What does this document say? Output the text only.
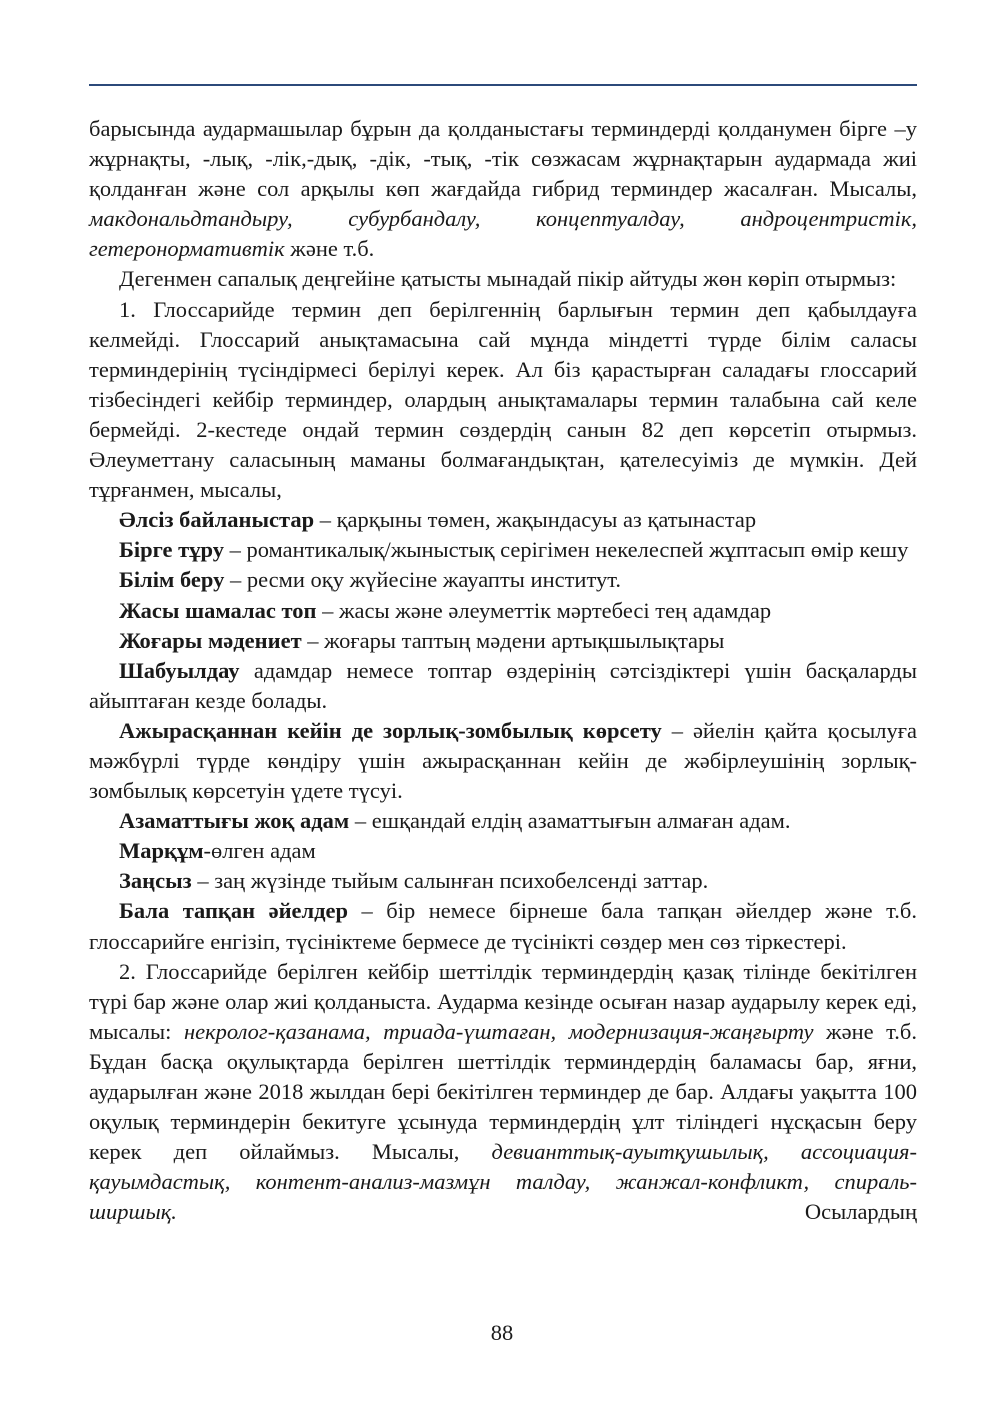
барысында аудармашылар бұрын да қолданыстағы терминдерді қолданумен бірге –у жұрнақты, -лық, -лік,-дық, -дік, -тық, -тік сөзжасам жұрнақтарын аудармада жиі қолданған және сол арқылы көп жағдайда гибрид терминдер жасалған. Мысалы, макдональдтандыру, субурбандалу, концептуалдау, андроцентристік, гетеронормативтік және т.б.

Дегенмен сапалық деңгейіне қатысты мынадай пікір айтуды жөн көріп отырмыз:

1. Глоссарийде термин деп берілгеннің барлығын термин деп қабылдауға келмейді. Глоссарий анықтамасына сай мұнда міндетті түрде білім саласы терминдерінің түсіндірмесі берілуі керек. Ал біз қарастырған саладағы глоссарий тізбесіндегі кейбір терминдер, олардың анықтамалары термин талабына сай келе бермейді. 2-кестеде ондай термин сөздердің санын 82 деп көрсетіп отырмыз. Әлеуметтану саласының маманы болмағандықтан, қателесуіміз де мүмкін. Дей тұрғанмен, мысалы,

Әлсіз байланыстар – қарқыны төмен, жақындасуы аз қатынастар

Бірге тұру – романтикалық/жыныстық серігімен некелеспей жұптасып өмір кешу

Білім беру – ресми оқу жүйесіне жауапты институт.

Жасы шамалас топ – жасы және әлеуметтік мәртебесі тең адамдар

Жоғары мәдениет – жоғары таптың мәдени артықшылықтары

Шабуылдау адамдар немесе топтар өздерінің сәтсіздіктері үшін басқаларды айыптаған кезде болады.

Ажырасқаннан кейін де зорлық-зомбылық көрсету – әйелін қайта қосылуға мәжбүрлі түрде көндіру үшін ажырасқаннан кейін де жәбірлеушінің зорлық-зомбылық көрсетуін үдете түсуі.

Азаматтығы жоқ адам – ешқандай елдің азаматтығын алмаған адам.

Марқұм-өлген адам

Заңсыз – заң жүзінде тыйым салынған психобелсенді заттар.

Бала тапқан әйелдер – бір немесе бірнеше бала тапқан әйелдер және т.б. глоссарийге енгізіп, түсініктеме бермесе де түсінікті сөздер мен сөз тіркестері.

2. Глоссарийде берілген кейбір шеттілдік терминдердің қазақ тілінде бекітілген түрі бар және олар жиі қолданыста. Аударма кезінде осыған назар аударылу керек еді, мысалы: некролог-қазанама, триада-үштаған, модернизация-жаңғырту және т.б. Бұдан басқа оқулықтарда берілген шеттілдік терминдердің баламасы бар, яғни, аударылған және 2018 жылдан бері бекітілген терминдер де бар. Алдағы уақытта 100 оқулық терминдерін бекитуге ұсынуда терминдердің ұлт тіліндегі нұсқасын беру керек деп ойлаймыз. Мысалы, девианттық-ауытқушылық, ассоциация-қауымдастық, контент-анализ-мазмұн талдау, жанжал-конфликт, спираль-ширшық. Осылардың

88
